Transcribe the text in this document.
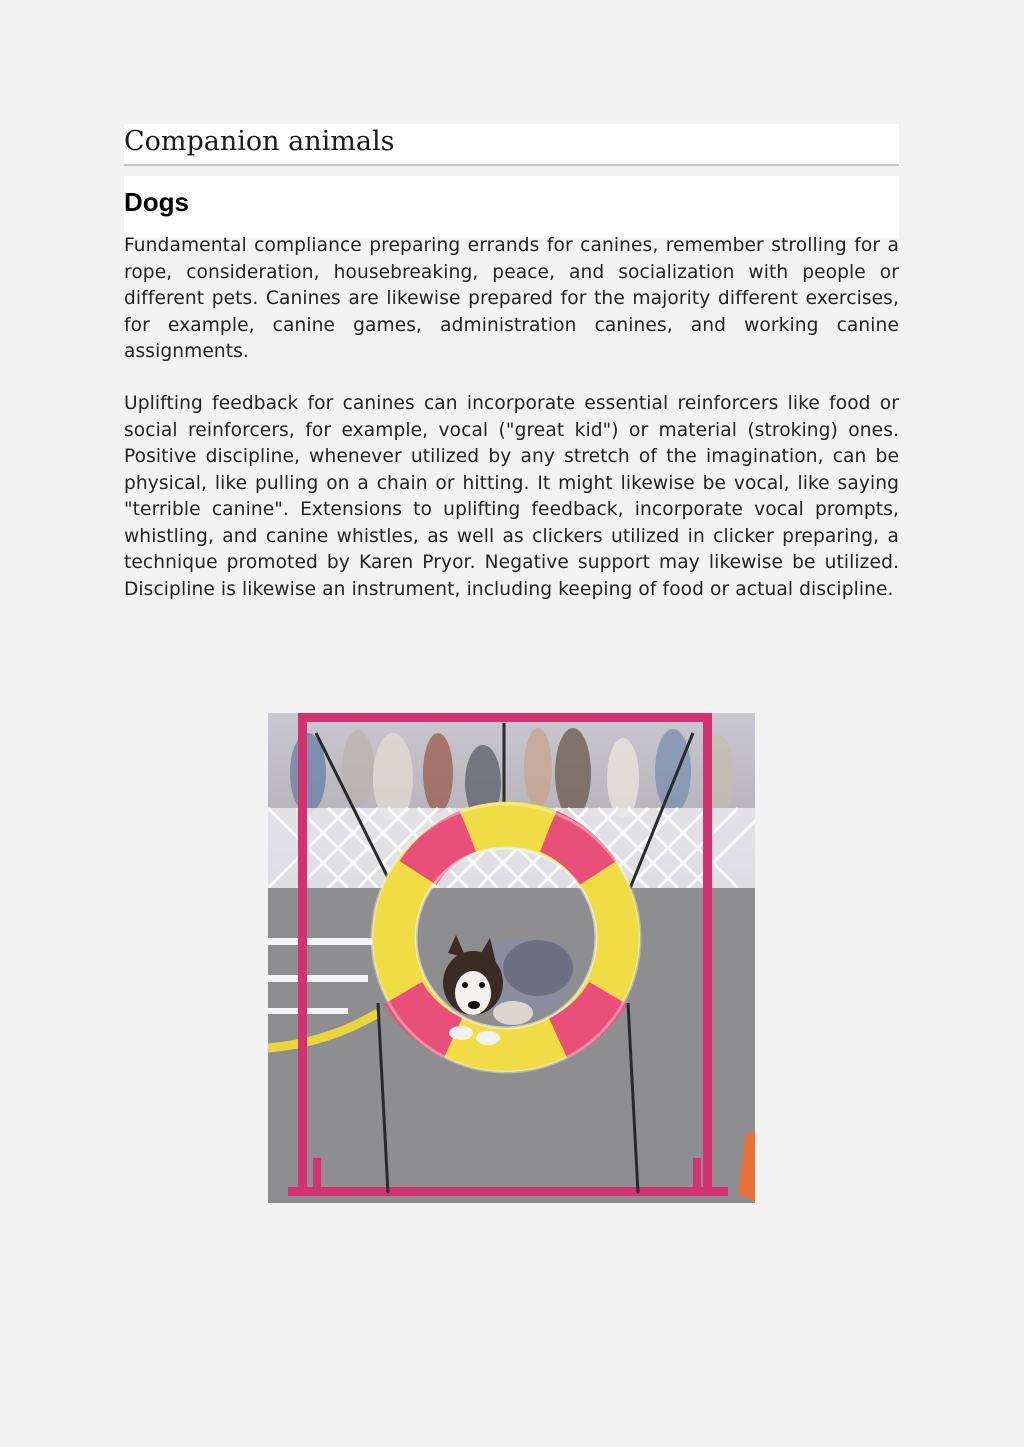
Companion animals
Dogs

Fundamental compliance preparing errands for canines, remember strolling for a rope, consideration, housebreaking, peace, and socialization with people or different pets. Canines are likewise prepared for the majority different exercises, for example, canine games, administration canines, and working canine assignments.

Uplifting feedback for canines can incorporate essential reinforcers like food or social reinforcers, for example, vocal ("great kid") or material (stroking) ones. Positive discipline, whenever utilized by any stretch of the imagination, can be physical, like pulling on a chain or hitting. It might likewise be vocal, like saying "terrible canine". Extensions to uplifting feedback, incorporate vocal prompts, whistling, and canine whistles, as well as clickers utilized in clicker preparing, a technique promoted by Karen Pryor. Negative support may likewise be utilized. Discipline is likewise an instrument, including keeping of food or actual discipline.
